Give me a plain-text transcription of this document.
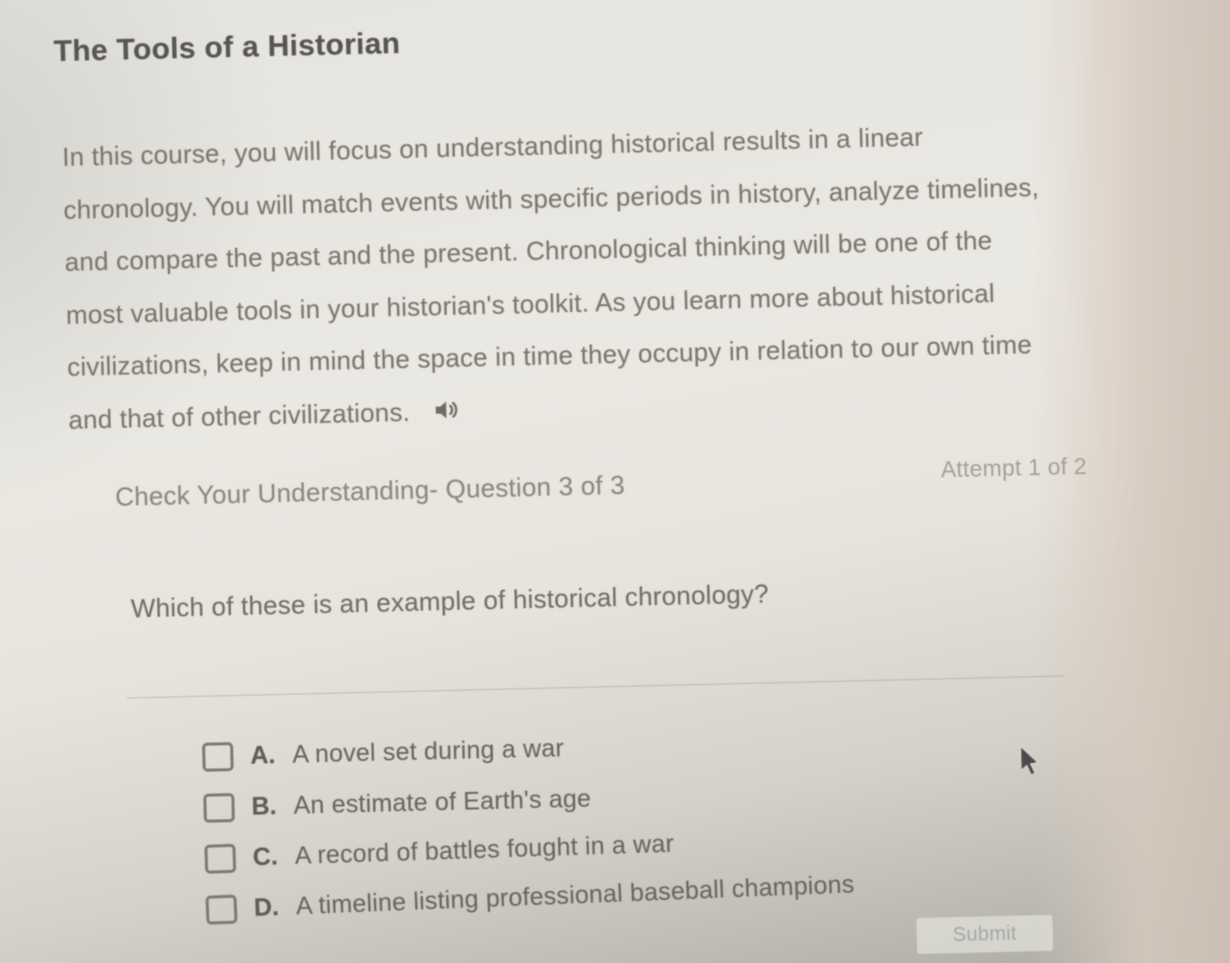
The Tools of a Historian
In this course, you will focus on understanding historical results in a linear
chronology. You will match events with specific periods in history, analyze timelines,
and compare the past and the present. Chronological thinking will be one of the
most valuable tools in your historian's toolkit. As you learn more about historical
civilizations, keep in mind the space in time they occupy in relation to our own time
and that of other civilizations.
Check Your Understanding- Question 3 of 3
Attempt 1 of 2
Which of these is an example of historical chronology?
A. A novel set during a war
B. An estimate of Earth's age
C. A record of battles fought in a war
D. A timeline listing professional baseball champions
Submit
